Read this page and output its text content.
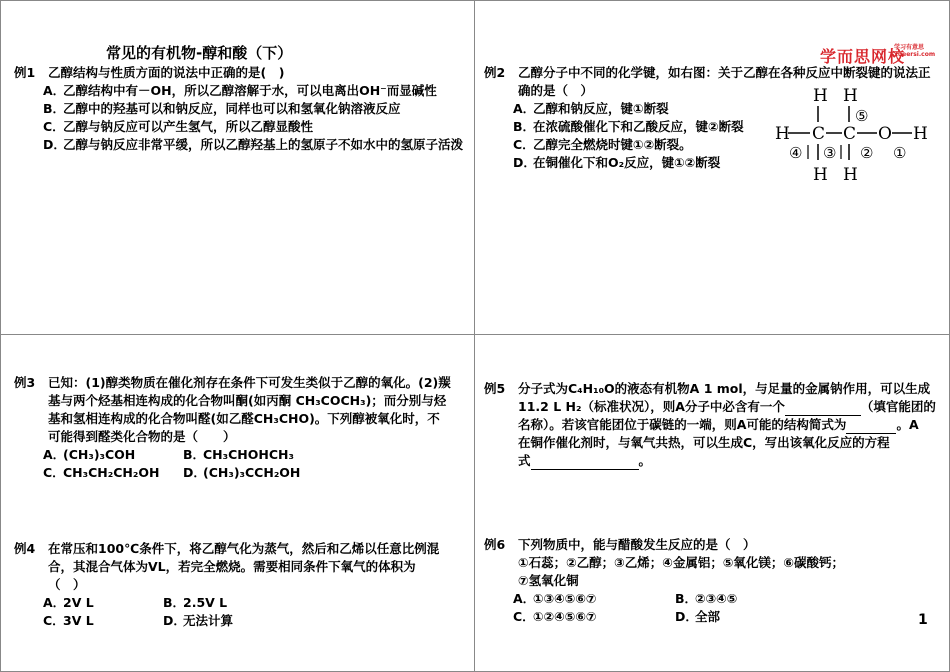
常见的有机物-醇和酸（下）	学而思网校
学习有意思
xueersi.com
例1 乙醇结构与性质方面的说法中正确的是(　)
A．乙醇结构中有－OH，所以乙醇溶解于水，可以电离出OH⁻而显碱性
B．乙醇中的羟基可以和钠反应，同样也可以和氢氧化钠溶液反应
C．乙醇与钠反应可以产生氢气，所以乙醇显酸性
D．
乙醇与钠反应非常平缓，所以乙醇羟基上的氢原子不如水中的氢原子活泼
例2 乙醇分子中不同的化学键，如右图：关于乙醇在各种反应中断裂键的说法正确的是（　）
A．乙醇和钠反应，键①断裂
B．在浓硫酸催化下和乙酸反应，键②断裂
C．乙醇完全燃烧时键①②断裂。
D．在铜催化下和O₂反应，键①②断裂
H H
⑤
H C C O H
④ ③ ② ①
H H
例3 已知：(1)醇类物质在催化剂存在条件下可发生类似于乙醇的氧化。(2)羰
基与两个烃基相连构成的化合物叫酮(如丙酮 CH₃COCH₃)；而分别与烃
基和氢相连构成的化合物叫醛(如乙醛CH₃CHO)。下列醇被氧化时，不
可能得到醛类化合物的是（　　）
A．(CH₃)₃COH	B．CH₃CHOHCH₃
C．CH₃CH₂CH₂OH	D．(CH₃)₃CCH₂OH
例4 在常压和100℃条件下，将乙醇气化为蒸气，然后和乙烯以任意比例混
合，其混合气体为VL，若完全燃烧。需要相同条件下氧气的体积为
（　）
A．2V L	B．2.5V L
C．3V L	D．无法计算
例5 分子式为C₄H₁₀O的液态有机物A 1 mol，与足量的金属钠作用，可以生成
11.2 L H₂（标准状况），则A分子中必含有一个	（填官能团的
名称）。若该官能团位于碳链的一端，则A可能的结构简式为	。A
在铜作催化剂时，与氧气共热，可以生成C，写出该氧化反应的方程
式	。
例6 下列物质中，能与醋酸发生反应的是（　）
①石蕊；②乙醇；③乙烯；④金属铝；⑤氧化镁；⑥碳酸钙；
⑦氢氧化铜
A．①③④⑤⑥⑦	B．②③④⑤
C．①②④⑤⑥⑦	D．全部	1
